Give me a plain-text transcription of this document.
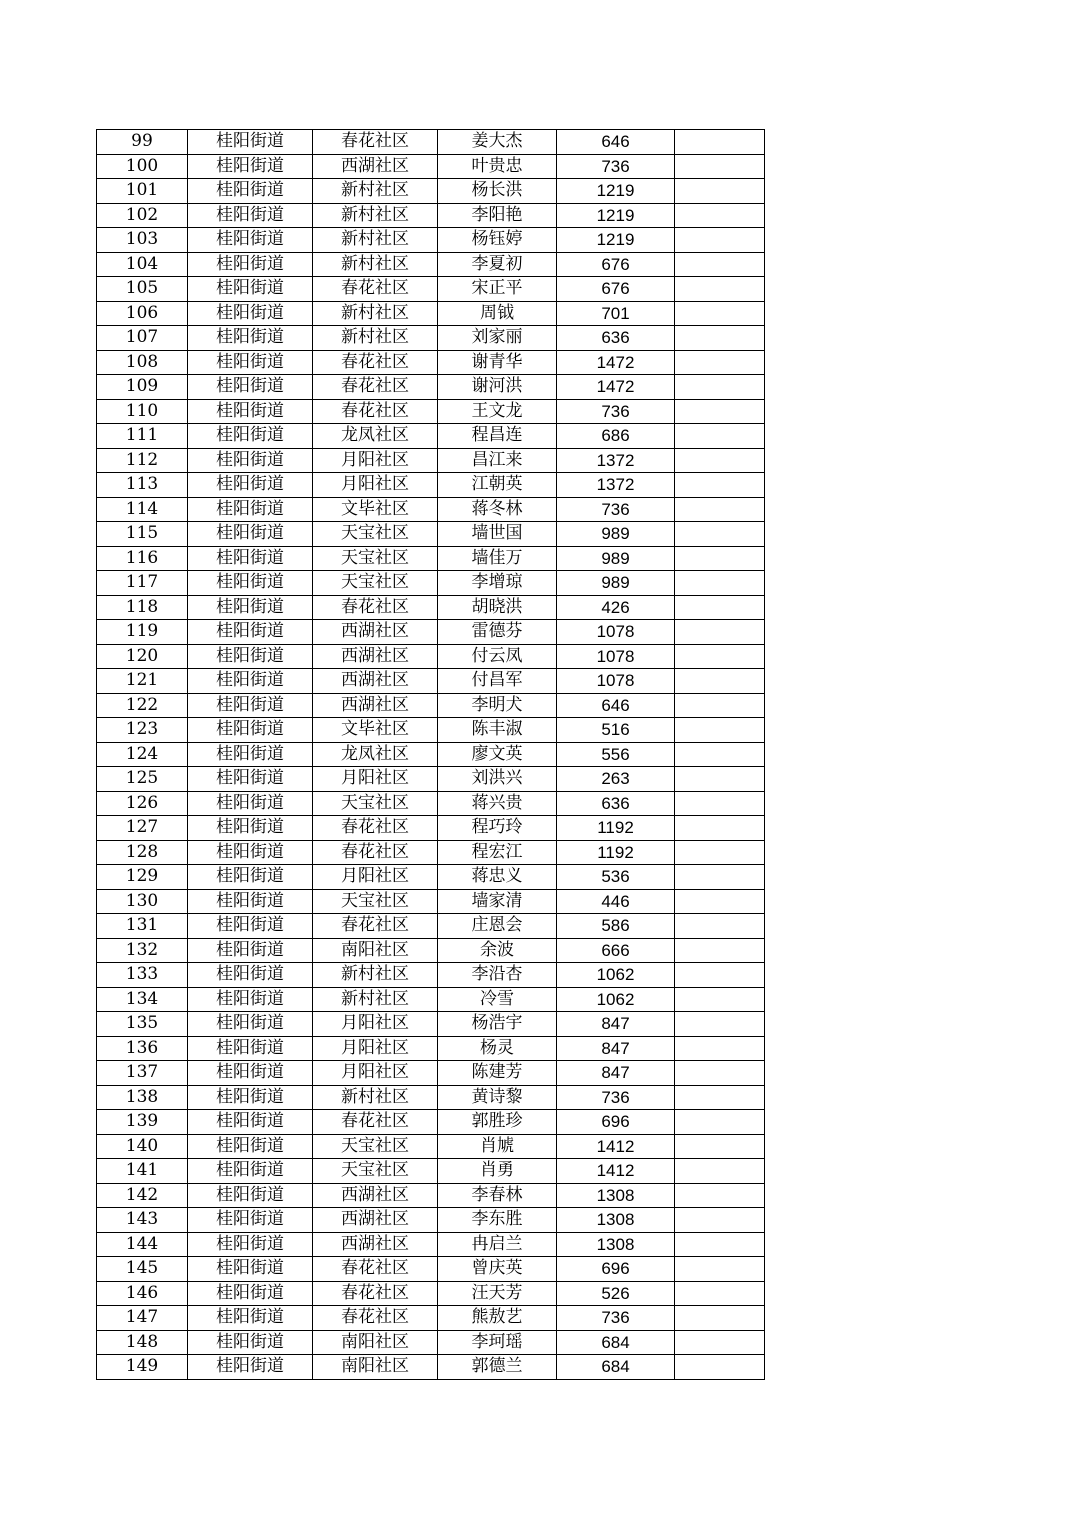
99	桂阳街道	春花社区	姜大杰	646	
100	桂阳街道	西湖社区	叶贵忠	736	
101	桂阳街道	新村社区	杨长洪	1219	
102	桂阳街道	新村社区	李阳艳	1219	
103	桂阳街道	新村社区	杨钰婷	1219	
104	桂阳街道	新村社区	李夏初	676	
105	桂阳街道	春花社区	宋正平	676	
106	桂阳街道	新村社区	周钺	701	
107	桂阳街道	新村社区	刘家丽	636	
108	桂阳街道	春花社区	谢青华	1472	
109	桂阳街道	春花社区	谢河洪	1472	
110	桂阳街道	春花社区	王文龙	736	
111	桂阳街道	龙凤社区	程昌连	686	
112	桂阳街道	月阳社区	昌江来	1372	
113	桂阳街道	月阳社区	江朝英	1372	
114	桂阳街道	文毕社区	蒋冬林	736	
115	桂阳街道	天宝社区	墙世国	989	
116	桂阳街道	天宝社区	墙佳万	989	
117	桂阳街道	天宝社区	李增琼	989	
118	桂阳街道	春花社区	胡晓洪	426	
119	桂阳街道	西湖社区	雷德芬	1078	
120	桂阳街道	西湖社区	付云凤	1078	
121	桂阳街道	西湖社区	付昌军	1078	
122	桂阳街道	西湖社区	李明犬	646	
123	桂阳街道	文毕社区	陈丰淑	516	
124	桂阳街道	龙凤社区	廖文英	556	
125	桂阳街道	月阳社区	刘洪兴	263	
126	桂阳街道	天宝社区	蒋兴贵	636	
127	桂阳街道	春花社区	程巧玲	1192	
128	桂阳街道	春花社区	程宏江	1192	
129	桂阳街道	月阳社区	蒋忠义	536	
130	桂阳街道	天宝社区	墙家清	446	
131	桂阳街道	春花社区	庄恩会	586	
132	桂阳街道	南阳社区	余波	666	
133	桂阳街道	新村社区	李沿杏	1062	
134	桂阳街道	新村社区	冷雪	1062	
135	桂阳街道	月阳社区	杨浩宇	847	
136	桂阳街道	月阳社区	杨灵	847	
137	桂阳街道	月阳社区	陈建芳	847	
138	桂阳街道	新村社区	黄诗黎	736	
139	桂阳街道	春花社区	郭胜珍	696	
140	桂阳街道	天宝社区	肖虓	1412	
141	桂阳街道	天宝社区	肖勇	1412	
142	桂阳街道	西湖社区	李春林	1308	
143	桂阳街道	西湖社区	李东胜	1308	
144	桂阳街道	西湖社区	冉启兰	1308	
145	桂阳街道	春花社区	曾庆英	696	
146	桂阳街道	春花社区	汪天芳	526	
147	桂阳街道	春花社区	熊敖艺	736	
148	桂阳街道	南阳社区	李珂瑶	684	
149	桂阳街道	南阳社区	郭德兰	684	
